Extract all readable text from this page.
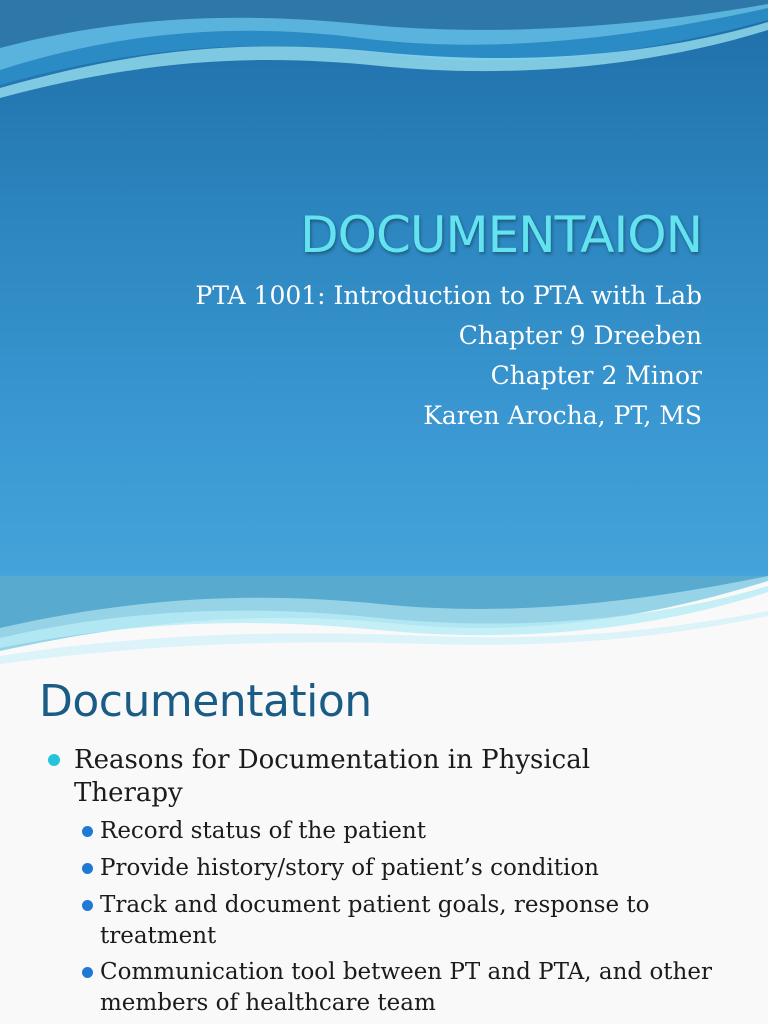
DOCUMENTAION
PTA 1001: Introduction to PTA with Lab
Chapter 9 Dreeben
Chapter 2 Minor
Karen Arocha, PT, MS
Documentation
Reasons for Documentation in Physical Therapy
Record status of the patient
Provide history/story of patient’s condition
Track and document patient goals, response to treatment
Communication tool between PT and PTA, and other members of healthcare team
